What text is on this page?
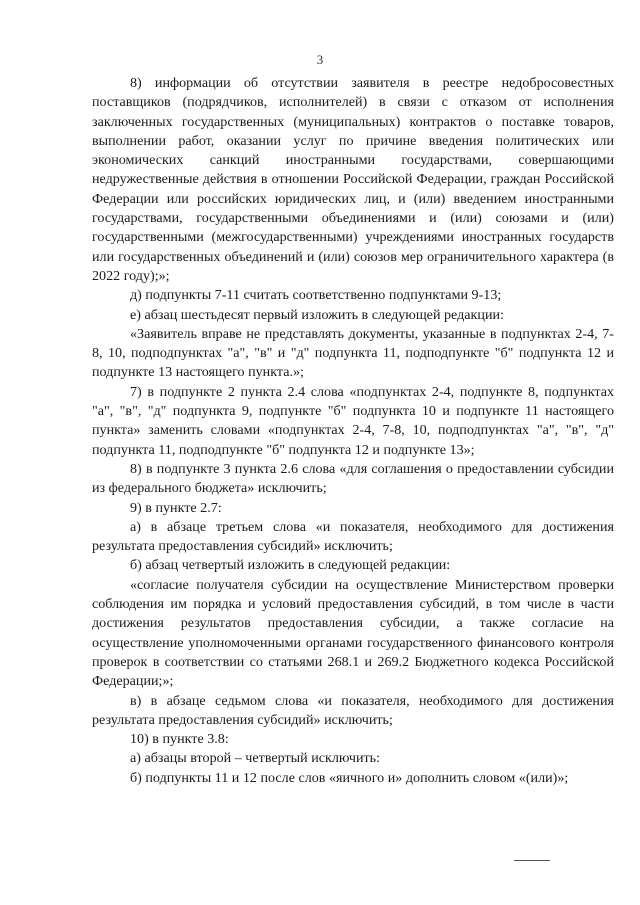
3

8) информации об отсутствии заявителя в реестре недобросовестных поставщиков (подрядчиков, исполнителей) в связи с отказом от исполнения заключенных государственных (муниципальных) контрактов о поставке товаров, выполнении работ, оказании услуг по причине введения политических или экономических санкций иностранными государствами, совершающими недружественные действия в отношении Российской Федерации, граждан Российской Федерации или российских юридических лиц, и (или) введением иностранными государствами, государственными объединениями и (или) союзами и (или) государственными (межгосударственными) учреждениями иностранных государств или государственных объединений и (или) союзов мер ограничительного характера (в 2022 году);»;

д) подпункты 7-11 считать соответственно подпунктами 9-13;

е) абзац шестьдесят первый изложить в следующей редакции:

«Заявитель вправе не представлять документы, указанные в подпунктах 2-4, 7-8, 10, подподпунктах "а", "в" и "д" подпункта 11, подподпункте "б" подпункта 12 и подпункте 13 настоящего пункта.»;

7) в подпункте 2 пункта 2.4 слова «подпунктах 2-4, подпункте 8, подпунктах "а", "в", "д" подпункта 9, подпункте "б" подпункта 10 и подпункте 11 настоящего пункта» заменить словами «подпунктах 2-4, 7-8, 10, подподпунктах "а", "в", "д" подпункта 11, подподпункте "б" подпункта 12 и подпункте 13»;

8) в подпункте 3 пункта 2.6 слова «для соглашения о предоставлении субсидии из федерального бюджета» исключить;

9) в пункте 2.7:

а) в абзаце третьем слова «и показателя, необходимого для достижения результата предоставления субсидий» исключить;

б) абзац четвертый изложить в следующей редакции:

«согласие получателя субсидии на осуществление Министерством проверки соблюдения им порядка и условий предоставления субсидий, в том числе в части достижения результатов предоставления субсидии, а также согласие на осуществление уполномоченными органами государственного финансового контроля проверок в соответствии со статьями 268.1 и 269.2 Бюджетного кодекса Российской Федерации;»;

в) в абзаце седьмом слова «и показателя, необходимого для достижения результата предоставления субсидий» исключить;

10) в пункте 3.8:

а) абзацы второй – четвертый исключить:

б) подпункты 11 и 12 после слов «яичного и» дополнить словом «(или)»;
